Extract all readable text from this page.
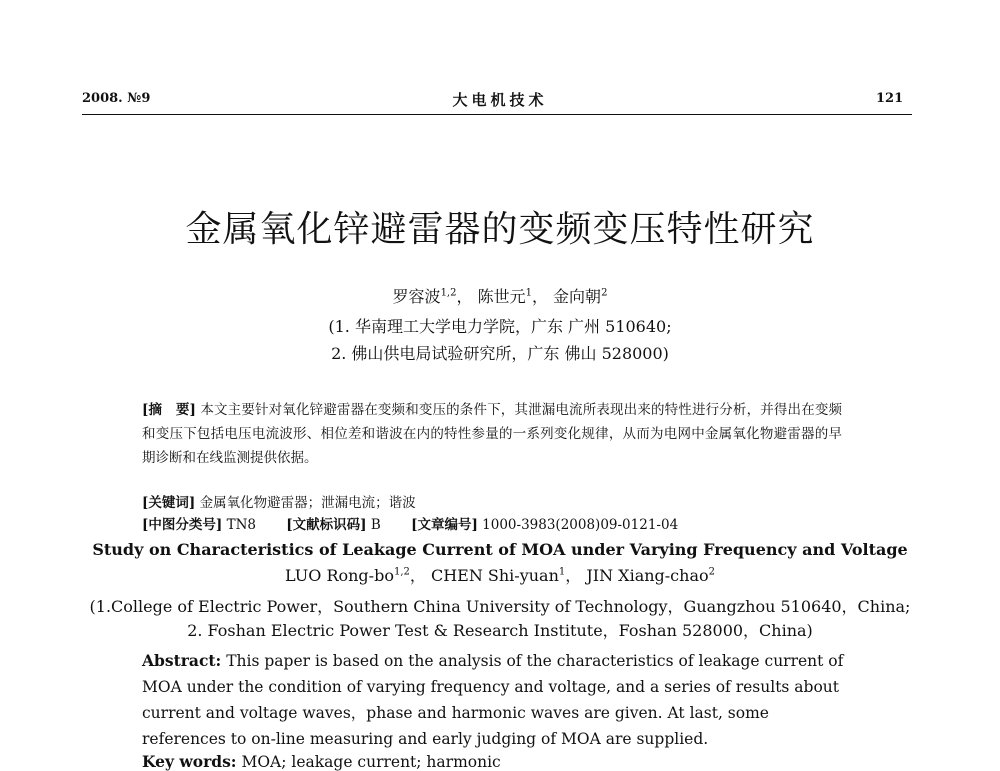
2008. №9	大电机技术	121
金属氧化锌避雷器的变频变压特性研究
罗容波$^{1,2}$， 陈世元$^1$， 金向朝$^2$
(1. 华南理工大学电力学院，广东 广州 510640;
2. 佛山供电局试验研究所，广东 佛山 528000)
[摘　要] 本文主要针对氧化锌避雷器在变频和变压的条件下，其泄漏电流所表现出来的特性进行分析，并得出在变频和变压下包括电压电流波形、相位差和谐波在内的特性参量的一系列变化规律，从而为电网中金属氧化物避雷器的早期诊断和在线监测提供依据。
[关键词] 金属氧化物避雷器；泄漏电流；谐波
[中图分类号] TN8 [文献标识码] B [文章编号] 1000-3983(2008)09-0121-04
Study on Characteristics of Leakage Current of MOA under Varying Frequency and Voltage
LUO Rong-bo$^{1,2}$， CHEN Shi-yuan$^1$， JIN Xiang-chao$^2$
(1.College of Electric Power，Southern China University of Technology，Guangzhou 510640，China;
2. Foshan Electric Power Test & Research Institute，Foshan 528000，China)
Abstract: This paper is based on the analysis of the characteristics of leakage current of MOA under the condition of varying frequency and voltage, and a series of results about current and voltage waves，phase and harmonic waves are given. At last, some references to on-line measuring and early judging of MOA are supplied.
Key words: MOA; leakage current; harmonic
